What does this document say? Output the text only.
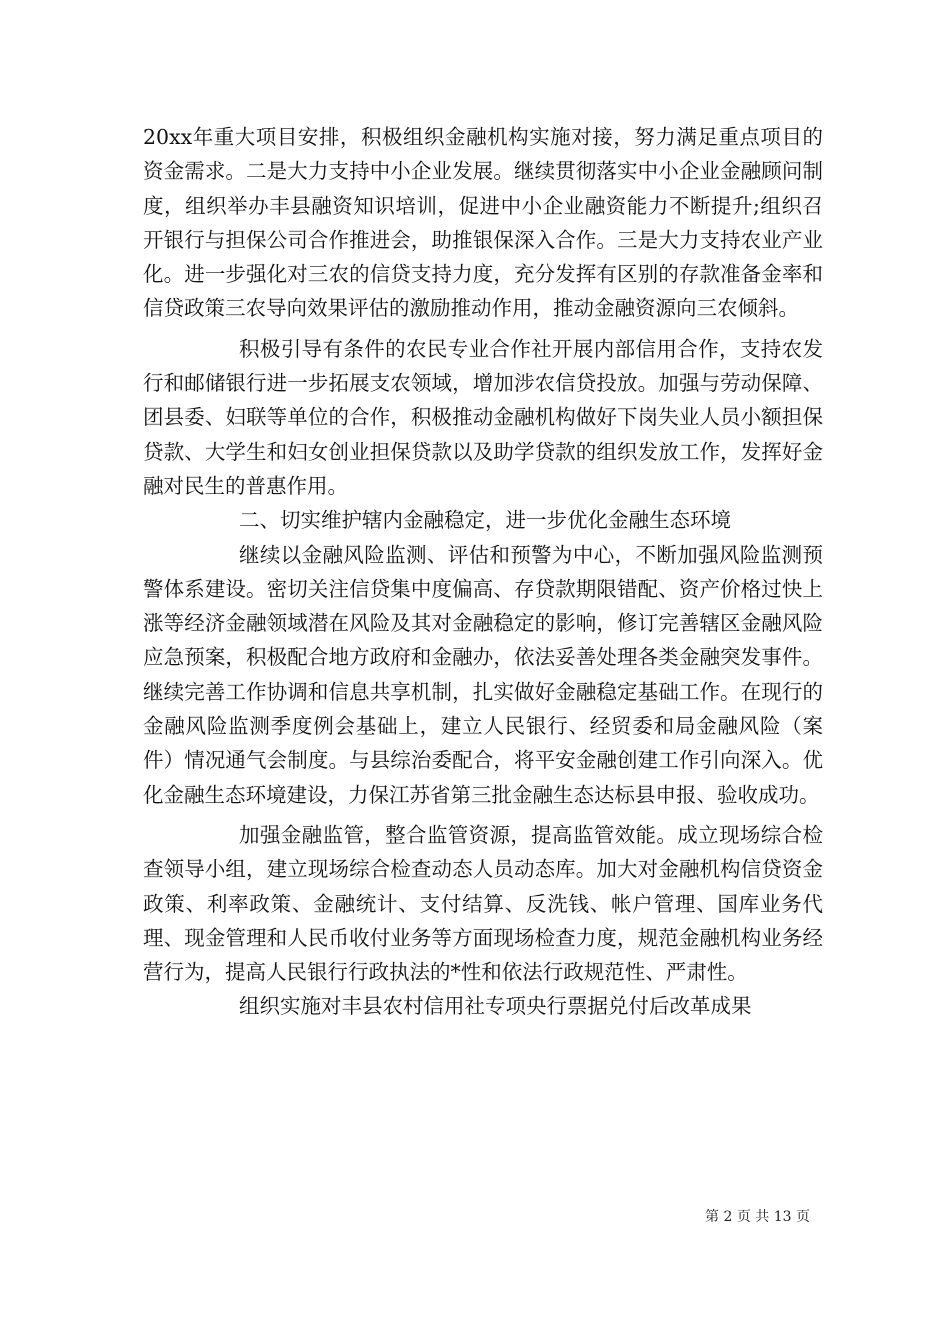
20xx年重大项目安排，积极组织金融机构实施对接，努力满足重点项目的资金需求。二是大力支持中小企业发展。继续贯彻落实中小企业金融顾问制度，组织举办丰县融资知识培训，促进中小企业融资能力不断提升;组织召开银行与担保公司合作推进会，助推银保深入合作。三是大力支持农业产业化。进一步强化对三农的信贷支持力度，充分发挥有区别的存款准备金率和信贷政策三农导向效果评估的激励推动作用，推动金融资源向三农倾斜。

积极引导有条件的农民专业合作社开展内部信用合作，支持农发行和邮储银行进一步拓展支农领域，增加涉农信贷投放。加强与劳动保障、团县委、妇联等单位的合作，积极推动金融机构做好下岗失业人员小额担保贷款、大学生和妇女创业担保贷款以及助学贷款的组织发放工作，发挥好金融对民生的普惠作用。

二、切实维护辖内金融稳定，进一步优化金融生态环境

继续以金融风险监测、评估和预警为中心，不断加强风险监测预警体系建设。密切关注信贷集中度偏高、存贷款期限错配、资产价格过快上涨等经济金融领域潜在风险及其对金融稳定的影响，修订完善辖区金融风险应急预案，积极配合地方政府和金融办，依法妥善处理各类金融突发事件。继续完善工作协调和信息共享机制，扎实做好金融稳定基础工作。在现行的金融风险监测季度例会基础上，建立人民银行、经贸委和局金融风险（案件）情况通气会制度。与县综治委配合，将平安金融创建工作引向深入。优化金融生态环境建设，力保江苏省第三批金融生态达标县申报、验收成功。

加强金融监管，整合监管资源，提高监管效能。成立现场综合检查领导小组，建立现场综合检查动态人员动态库。加大对金融机构信贷资金政策、利率政策、金融统计、支付结算、反洗钱、帐户管理、国库业务代理、现金管理和人民币收付业务等方面现场检查力度，规范金融机构业务经营行为，提高人民银行行政执法的*性和依法行政规范性、严肃性。

组织实施对丰县农村信用社专项央行票据兑付后改革成果

第 2 页 共 13 页
